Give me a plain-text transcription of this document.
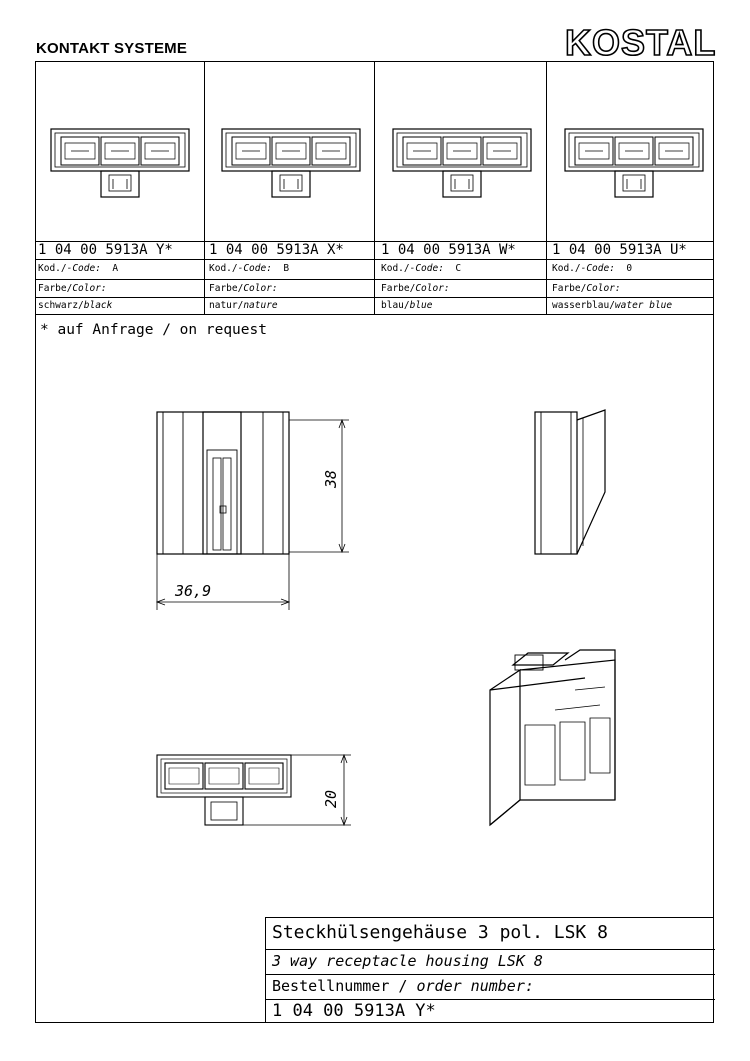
KONTAKT SYSTEME	KOSTAL
1 04 00 5913A Y*	1 04 00 5913A X*	1 04 00 5913A W*	1 04 00 5913A U*
Kod./-Code: A	Kod./-Code: B	Kod./-Code: C	Kod./-Code: 0
Farbe/Color:	Farbe/Color:	Farbe/Color:	Farbe/Color:
schwarz/black	natur/nature	blau/blue	wasserblau/water blue
* auf Anfrage / on request
38
36,9
20
Steckhülsengehäuse 3 pol. LSK 8
3 way receptacle housing LSK 8
Bestellnummer / order number:
1 04 00 5913A Y*
